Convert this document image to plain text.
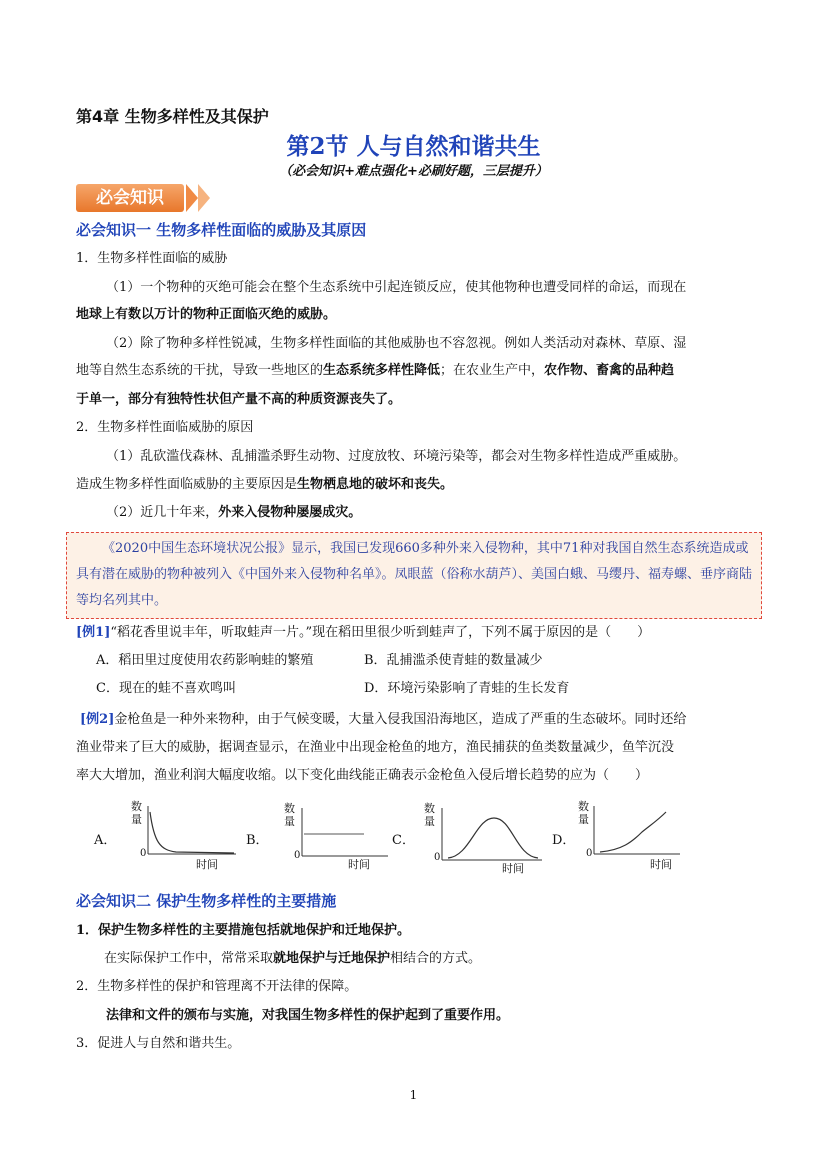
第4章 生物多样性及其保护
第2节 人与自然和谐共生
（必会知识+难点强化+必刷好题，三层提升）
必会知识
必会知识一 生物多样性面临的威胁及其原因
1．生物多样性面临的威胁
（1）一个物种的灭绝可能会在整个生态系统中引起连锁反应，使其他物种也遭受同样的命运，而现在
地球上有数以万计的物种正面临灭绝的威胁。
（2）除了物种多样性锐减，生物多样性面临的其他威胁也不容忽视。例如人类活动对森林、草原、湿
地等自然生态系统的干扰，导致一些地区的生态系统多样性降低；在农业生产中，农作物、畜禽的品种趋
于单一，部分有独特性状但产量不高的种质资源丧失了。
2．生物多样性面临威胁的原因
（1）乱砍滥伐森林、乱捕滥杀野生动物、过度放牧、环境污染等，都会对生物多样性造成严重威胁。
造成生物多样性面临威胁的主要原因是生物栖息地的破坏和丧失。
（2）近几十年来，外来入侵物种屡屡成灾。
《2020中国生态环境状况公报》显示，我国已发现660多种外来入侵物种，其中71种对我国自然生态系统造成或具有潜在威胁的物种被列入《中国外来入侵物种名单》。凤眼蓝（俗称水葫芦）、美国白蛾、马缨丹、福寿螺、垂序商陆等均名列其中。
[例1]“稻花香里说丰年，听取蛙声一片。”现在稻田里很少听到蛙声了，下列不属于原因的是（　　）
A．稻田里过度使用农药影响蛙的繁殖	B．乱捕滥杀使青蛙的数量减少
C．现在的蛙不喜欢鸣叫	D．环境污染影响了青蛙的生长发育
[例2]金枪鱼是一种外来物种，由于气候变暖，大量入侵我国沿海地区，造成了严重的生态破坏。同时还给
渔业带来了巨大的威胁，据调查显示，在渔业中出现金枪鱼的地方，渔民捕获的鱼类数量减少，鱼竿沉没
率大大增加，渔业利润大幅度收缩。以下变化曲线能正确表示金枪鱼入侵后增长趋势的应为（　　）
A．
数量
0
时间
B．
数量
0
时间
C．
数量
0
时间
D．
数量
0
时间
必会知识二 保护生物多样性的主要措施
1．保护生物多样性的主要措施包括就地保护和迁地保护。
在实际保护工作中，常常采取就地保护与迁地保护相结合的方式。
2．生物多样性的保护和管理离不开法律的保障。
法律和文件的颁布与实施，对我国生物多样性的保护起到了重要作用。
3．促进人与自然和谐共生。
1
